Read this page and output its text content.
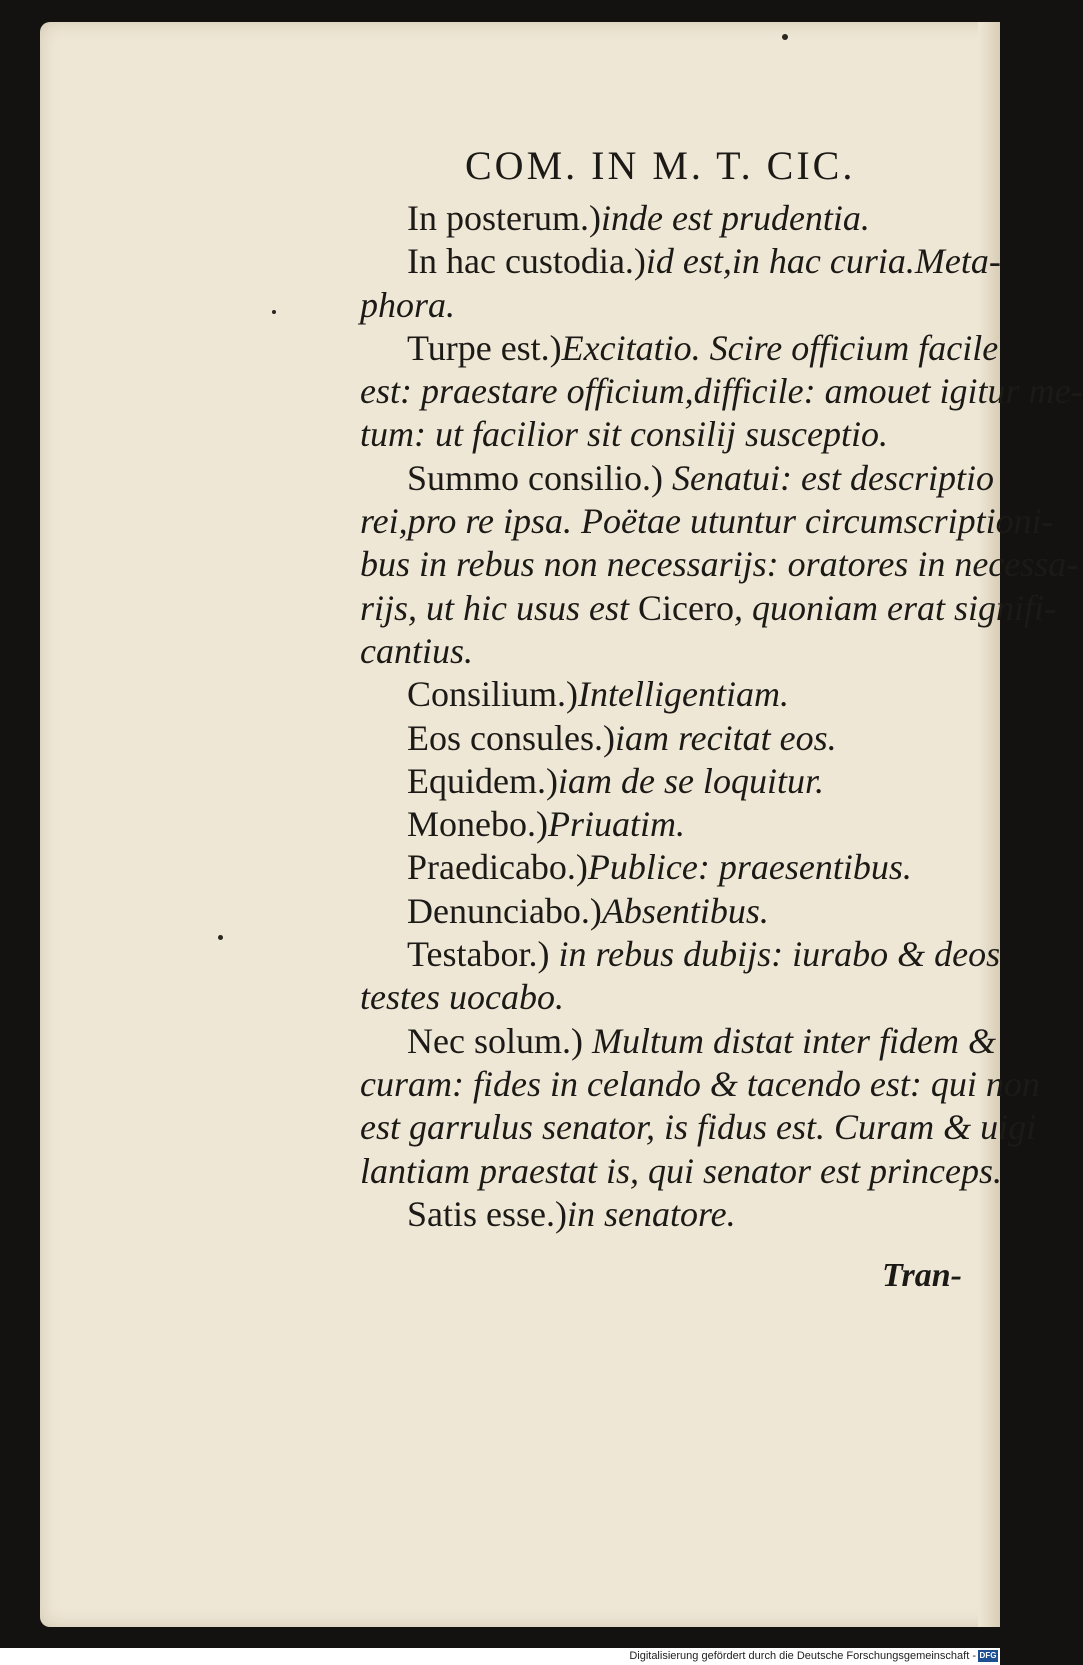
COM. IN M. T. CIC.
In posterum.)inde est prudentia.
In hac custodia.)id est,in hac curia.Meta-
phora.
Turpe est.)Excitatio. Scire officium facile
est: praestare officium,difficile: amouet igitur me-
tum: ut facilior sit consilij susceptio.
Summo consilio.) Senatui: est descriptio
rei,pro re ipsa. Poëtae utuntur circumscriptioni-
bus in rebus non necessarijs: oratores in necessa-
rijs, ut hic usus est Cicero, quoniam erat signifi-
cantius.
Consilium.)Intelligentiam.
Eos consules.)iam recitat eos.
Equidem.)iam de se loquitur.
Monebo.)Priuatim.
Praedicabo.)Publice: praesentibus.
Denunciabo.)Absentibus.
Testabor.) in rebus dubijs: iurabo & deos
testes uocabo.
Nec solum.) Multum distat inter fidem &
curam: fides in celando & tacendo est: qui non
est garrulus senator, is fidus est. Curam & uigi
lantiam praestat is, qui senator est princeps.
Satis esse.)in senatore.
Tran-
Digitalisierung gefördert durch die Deutsche Forschungsgemeinschaft - DFG
